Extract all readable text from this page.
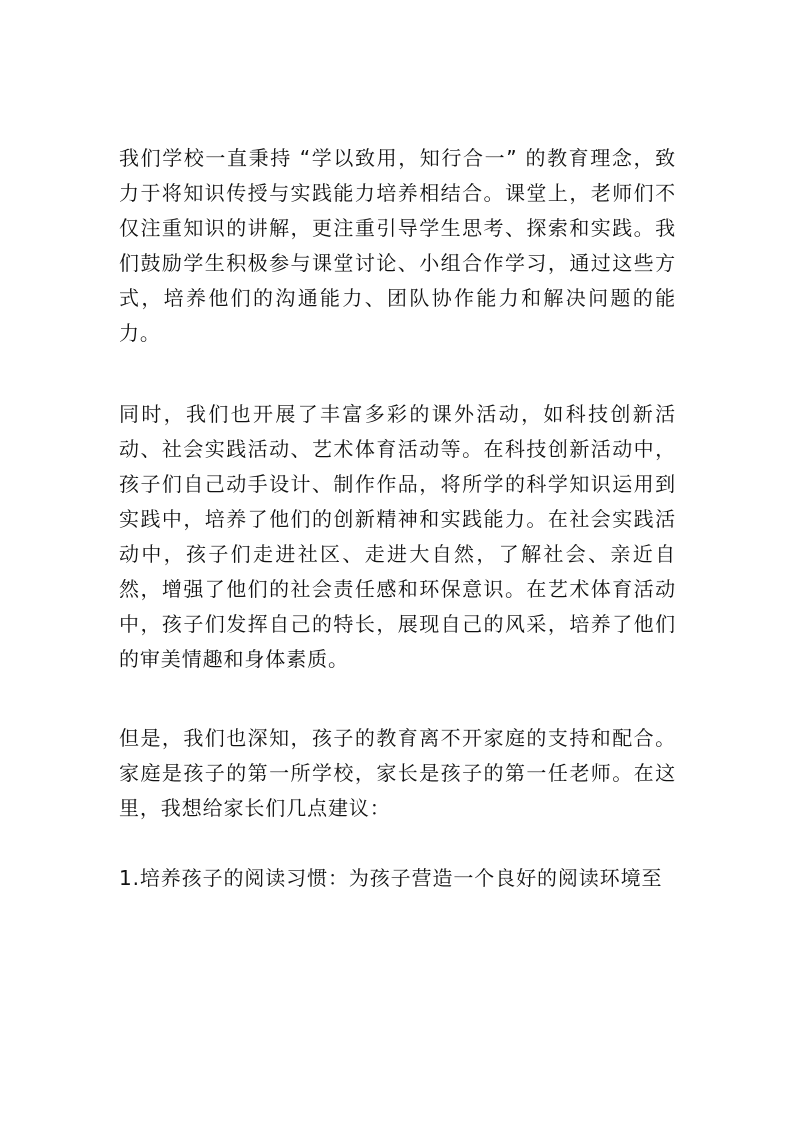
我们学校一直秉持 “学以致用，知行合一” 的教育理念，致力于将知识传授与实践能力培养相结合。课堂上，老师们不仅注重知识的讲解，更注重引导学生思考、探索和实践。我们鼓励学生积极参与课堂讨论、小组合作学习，通过这些方式，培养他们的沟通能力、团队协作能力和解决问题的能力。

同时，我们也开展了丰富多彩的课外活动，如科技创新活动、社会实践活动、艺术体育活动等。在科技创新活动中，孩子们自己动手设计、制作作品，将所学的科学知识运用到实践中，培养了他们的创新精神和实践能力。在社会实践活动中，孩子们走进社区、走进大自然，了解社会、亲近自然，增强了他们的社会责任感和环保意识。在艺术体育活动中，孩子们发挥自己的特长，展现自己的风采，培养了他们的审美情趣和身体素质。

但是，我们也深知，孩子的教育离不开家庭的支持和配合。家庭是孩子的第一所学校，家长是孩子的第一任老师。在这里，我想给家长们几点建议：

1.培养孩子的阅读习惯：为孩子营造一个良好的阅读环境至
